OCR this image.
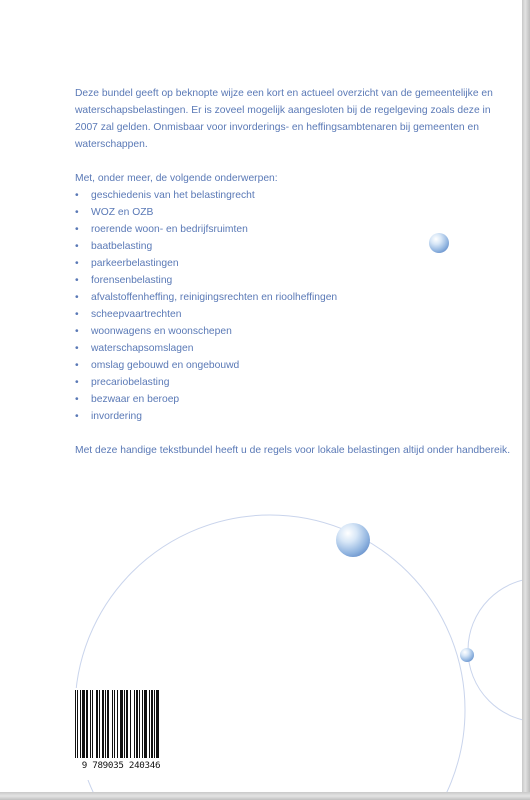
Deze bundel geeft op beknopte wijze een kort en actueel overzicht van de gemeentelijke en waterschapsbelastingen. Er is zoveel mogelijk aangesloten bij de regelgeving zoals deze in 2007 zal gelden. Onmisbaar voor invorderings- en heffingsambtenaren bij gemeenten en waterschappen.

Met, onder meer, de volgende onderwerpen:

• geschiedenis van het belastingrecht
• WOZ en OZB
• roerende woon- en bedrijfsruimten
• baatbelasting
• parkeerbelastingen
• forensenbelasting
• afvalstoffenheffing, reinigingsrechten en rioolheffingen
• scheepvaartrechten
• woonwagens en woonschepen
• waterschapsomslagen
• omslag gebouwd en ongebouwd
• precariobelasting
• bezwaar en beroep
• invordering

Met deze handige tekstbundel heeft u de regels voor lokale belastingen altijd onder handbereik.

9 789035 240346
